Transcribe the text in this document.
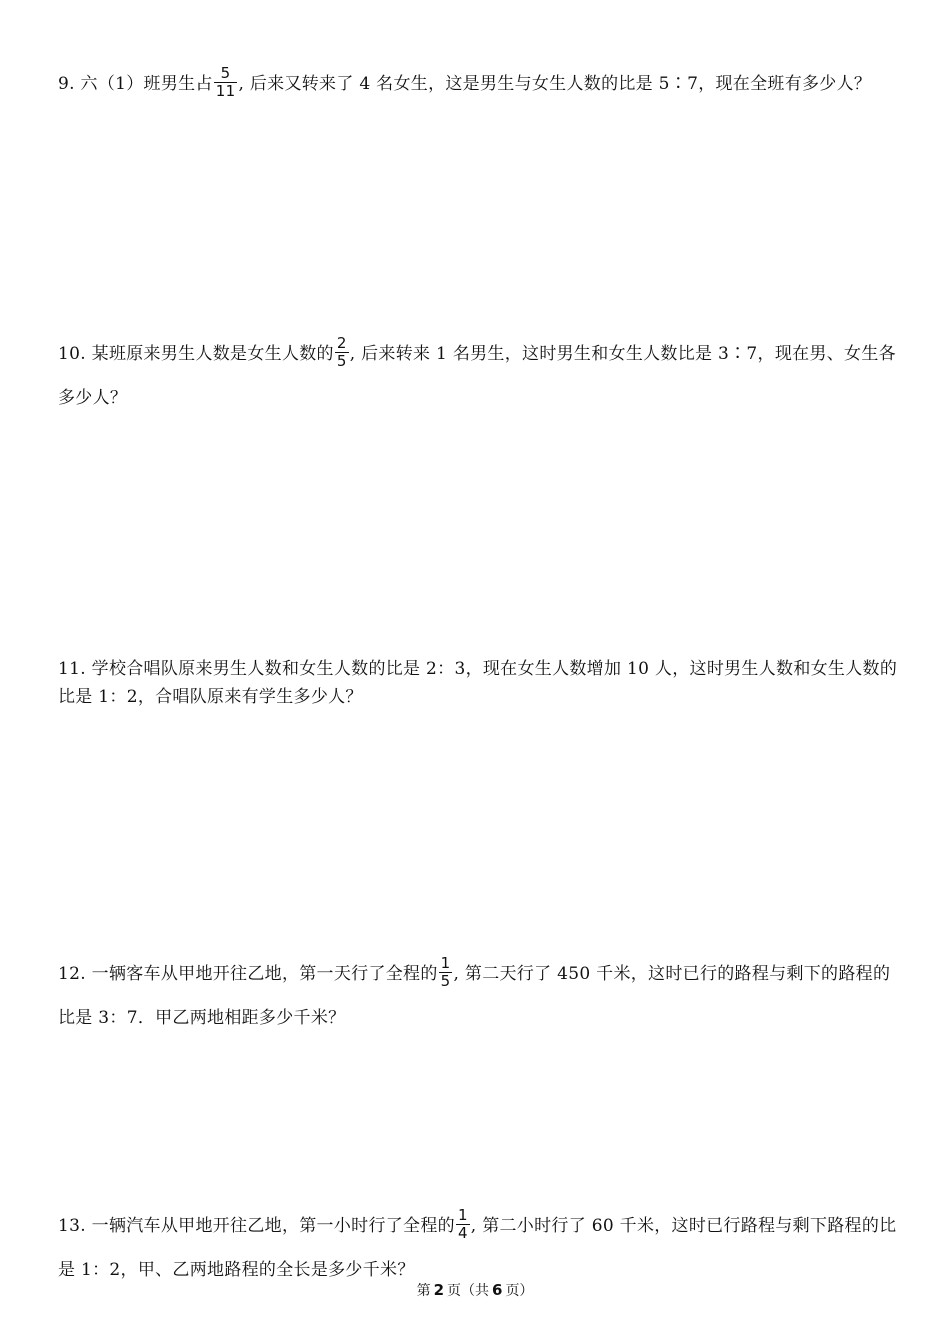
9. 六（1）班男生占 $\frac{5}{11}$ , 后来又转来了 4 名女生，这是男生与女生人数的比是 5∶7，现在全班有多少人？
10. 某班原来男生人数是女生人数的 $\frac{2}{5}$ , 后来转来 1 名男生，这时男生和女生人数比是 3∶7，现在男、女生各多少人？
11. 学校合唱队原来男生人数和女生人数的比是 2：3，现在女生人数增加 10 人，这时男生人数和女生人数的比是 1：2，合唱队原来有学生多少人？
12. 一辆客车从甲地开往乙地，第一天行了全程的 $\frac{1}{5}$ , 第二天行了 450 千米，这时已行的路程与剩下的路程的比是 3：7．甲乙两地相距多少千米？
13. 一辆汽车从甲地开往乙地，第一小时行了全程的 $\frac{1}{4}$ , 第二小时行了 60 千米，这时已行路程与剩下路程的比是 1：2，甲、乙两地路程的全长是多少千米？
第 2 页（共 6 页）
